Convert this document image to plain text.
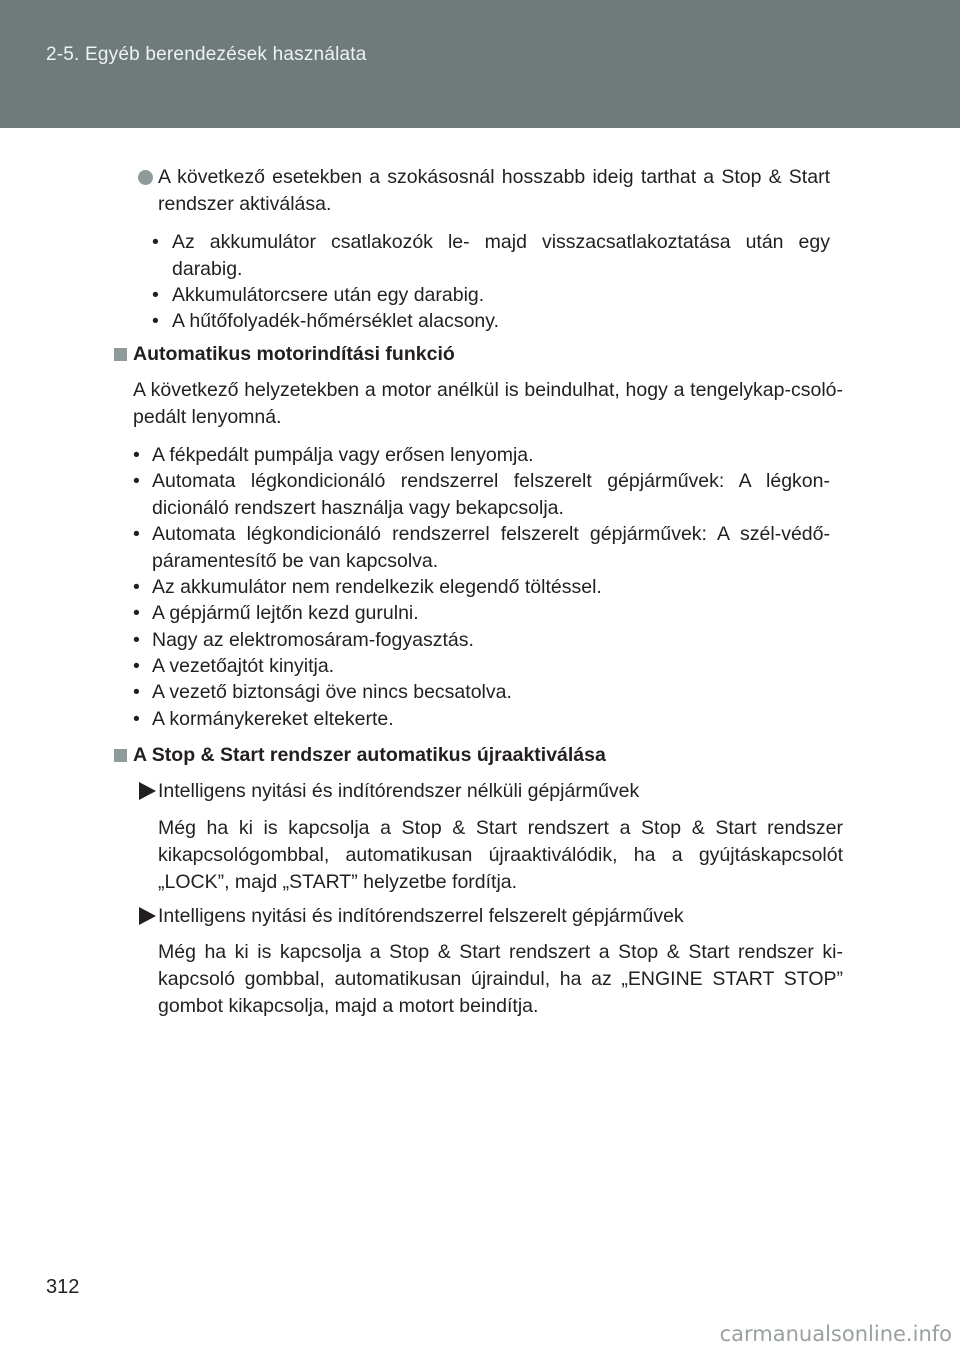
2-5. Egyéb berendezések használata
A következő esetekben a szokásosnál hosszabb ideig tarthat a Stop & Start rendszer aktiválása.
• Az akkumulátor csatlakozók le- majd visszacsatlakoztatása után egy darabig.
• Akkumulátorcsere után egy darabig.
• A hűtőfolyadék-hőmérséklet alacsony.
Automatikus motorindítási funkció
A következő helyzetekben a motor anélkül is beindulhat, hogy a tengelykap-csoló-pedált lenyomná.
• A fékpedált pumpálja vagy erősen lenyomja.
• Automata légkondicionáló rendszerrel felszerelt gépjárművek: A légkon-dicionáló rendszert használja vagy bekapcsolja.
• Automata légkondicionáló rendszerrel felszerelt gépjárművek: A szél-védő-páramentesítő be van kapcsolva.
• Az akkumulátor nem rendelkezik elegendő töltéssel.
• A gépjármű lejtőn kezd gurulni.
• Nagy az elektromosáram-fogyasztás.
• A vezetőajtót kinyitja.
• A vezető biztonsági öve nincs becsatolva.
• A kormánykereket eltekerte.
A Stop & Start rendszer automatikus újraaktiválása
Intelligens nyitási és indítórendszer nélküli gépjárművek
Még ha ki is kapcsolja a Stop & Start rendszert a Stop & Start rendszer kikapcsológombbal, automatikusan újraaktiválódik, ha a gyújtáskapcsolót „LOCK”, majd „START” helyzetbe fordítja.
Intelligens nyitási és indítórendszerrel felszerelt gépjárművek
Még ha ki is kapcsolja a Stop & Start rendszert a Stop & Start rendszer ki-kapcsoló gombbal, automatikusan újraindul, ha az „ENGINE START STOP” gombot kikapcsolja, majd a motort beindítja.
312
carmanualsonline.info
